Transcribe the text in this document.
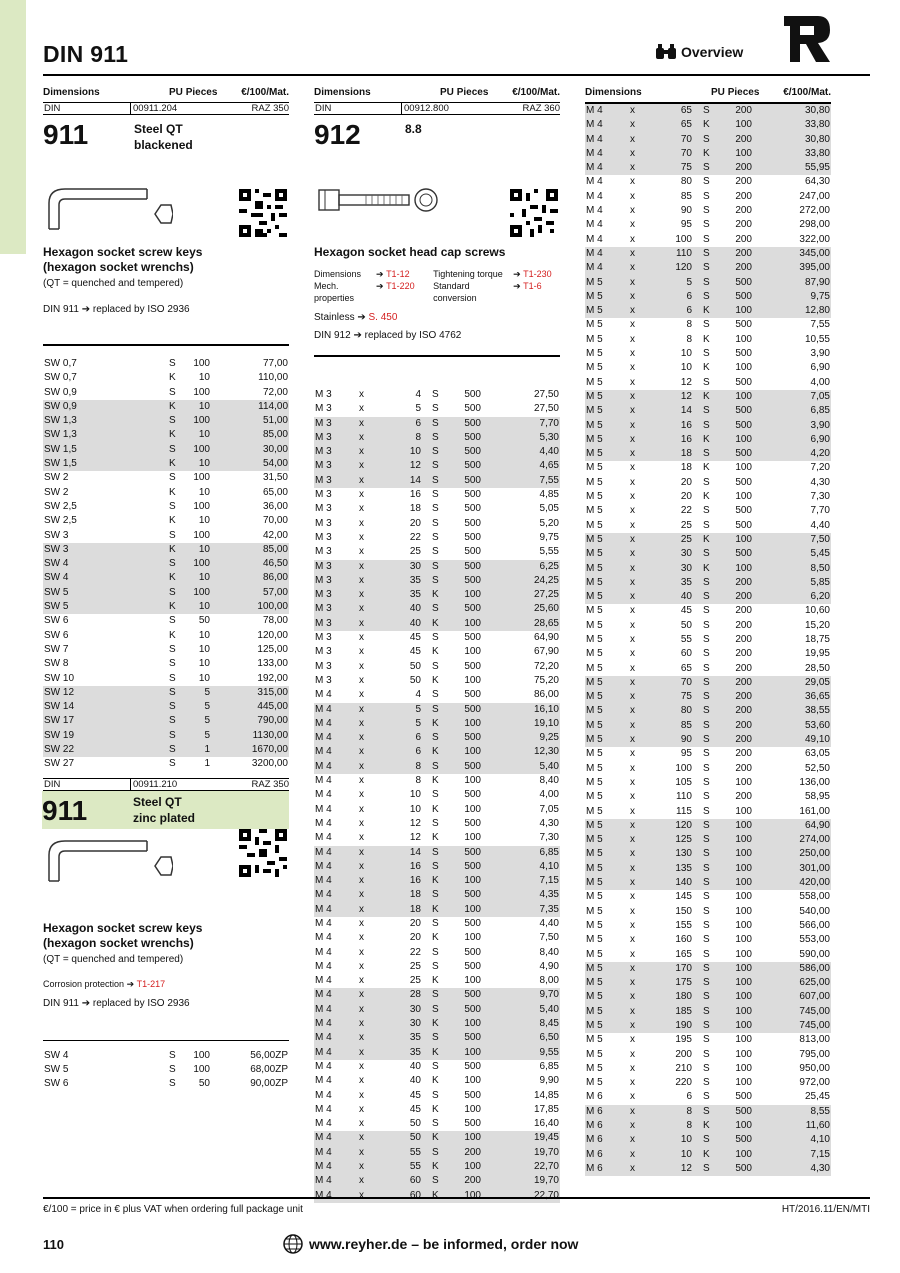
DIN 911	Overview
Dimensions	PU Pieces	€/100/Mat.
DIN	00911.204	RAZ 350
911	Steel QT
blackened
Hexagon socket screw keys
(hexagon socket wrenchs)
(QT = quenched and tempered)
DIN 911 ➔ replaced by ISO 2936
SW 0,7	S	100	77,00
SW 0,7	K	10	110,00
SW 0,9	S	100	72,00
SW 0,9	K	10	114,00
SW 1,3	S	100	51,00
SW 1,3	K	10	85,00
SW 1,5	S	100	30,00
SW 1,5	K	10	54,00
SW 2	S	100	31,50
SW 2	K	10	65,00
SW 2,5	S	100	36,00
SW 2,5	K	10	70,00
SW 3	S	100	42,00
SW 3	K	10	85,00
SW 4	S	100	46,50
SW 4	K	10	86,00
SW 5	S	100	57,00
SW 5	K	10	100,00
SW 6	S	50	78,00
SW 6	K	10	120,00
SW 7	S	10	125,00
SW 8	S	10	133,00
SW 10	S	10	192,00
SW 12	S	5	315,00
SW 14	S	5	445,00
SW 17	S	5	790,00
SW 19	S	5	1130,00
SW 22	S	1	1670,00
SW 27	S	1	3200,00
DIN	00911.210	RAZ 350
911	Steel QT
zinc plated
Hexagon socket screw keys
(hexagon socket wrenchs)
(QT = quenched and tempered)
Corrosion protection
➔
T1-217
DIN 911 ➔ replaced by ISO 2936
SW 4	S	100	56,00ZP
SW 5	S	100	68,00ZP
SW 6	S	50	90,00ZP
Dimensions	PU Pieces	€/100/Mat.
DIN	00912.800	RAZ 360
912	8.8
Hexagon socket head cap screws
Dimensions	➔
T1-12	Tightening torque	➔
T1-230
Mech. properties
➔
T1-220	Standard conversion
➔
T1-6
Stainless ➔ S. 450
DIN 912 ➔ replaced by ISO 4762
M 3	x	4	S	500	27,50
M 3	x	5	S	500	27,50
M 3	x	6	S	500	7,70
M 3	x	8	S	500	5,30
M 3	x	10	S	500	4,40
M 3	x	12	S	500	4,65
M 3	x	14	S	500	7,55
M 3	x	16	S	500	4,85
M 3	x	18	S	500	5,05
M 3	x	20	S	500	5,20
M 3	x	22	S	500	9,75
M 3	x	25	S	500	5,55
M 3	x	30	S	500	6,25
M 3	x	35	S	500	24,25
M 3	x	35	K	100	27,25
M 3	x	40	S	500	25,60
M 3	x	40	K	100	28,65
M 3	x	45	S	500	64,90
M 3	x	45	K	100	67,90
M 3	x	50	S	500	72,20
M 3	x	50	K	100	75,20
M 4	x	4	S	500	86,00
M 4	x	5	S	500	16,10
M 4	x	5	K	100	19,10
M 4	x	6	S	500	9,25
M 4	x	6	K	100	12,30
M 4	x	8	S	500	5,40
M 4	x	8	K	100	8,40
M 4	x	10	S	500	4,00
M 4	x	10	K	100	7,05
M 4	x	12	S	500	4,30
M 4	x	12	K	100	7,30
M 4	x	14	S	500	6,85
M 4	x	16	S	500	4,10
M 4	x	16	K	100	7,15
M 4	x	18	S	500	4,35
M 4	x	18	K	100	7,35
M 4	x	20	S	500	4,40
M 4	x	20	K	100	7,50
M 4	x	22	S	500	8,40
M 4	x	25	S	500	4,90
M 4	x	25	K	100	8,00
M 4	x	28	S	500	9,70
M 4	x	30	S	500	5,40
M 4	x	30	K	100	8,45
M 4	x	35	S	500	6,50
M 4	x	35	K	100	9,55
M 4	x	40	S	500	6,85
M 4	x	40	K	100	9,90
M 4	x	45	S	500	14,85
M 4	x	45	K	100	17,85
M 4	x	50	S	500	16,40
M 4	x	50	K	100	19,45
M 4	x	55	S	200	19,70
M 4	x	55	K	100	22,70
M 4	x	60	S	200	19,70
M 4	x	60	K	100	22,70
Dimensions	PU Pieces	€/100/Mat.
M 4	x	65	S	200	30,80
M 4	x	65	K	100	33,80
M 4	x	70	S	200	30,80
M 4	x	70	K	100	33,80
M 4	x	75	S	200	55,95
M 4	x	80	S	200	64,30
M 4	x	85	S	200	247,00
M 4	x	90	S	200	272,00
M 4	x	95	S	200	298,00
M 4	x	100	S	200	322,00
M 4	x	110	S	200	345,00
M 4	x	120	S	200	395,00
M 5	x	5	S	500	87,90
M 5	x	6	S	500	9,75
M 5	x	6	K	100	12,80
M 5	x	8	S	500	7,55
M 5	x	8	K	100	10,55
M 5	x	10	S	500	3,90
M 5	x	10	K	100	6,90
M 5	x	12	S	500	4,00
M 5	x	12	K	100	7,05
M 5	x	14	S	500	6,85
M 5	x	16	S	500	3,90
M 5	x	16	K	100	6,90
M 5	x	18	S	500	4,20
M 5	x	18	K	100	7,20
M 5	x	20	S	500	4,30
M 5	x	20	K	100	7,30
M 5	x	22	S	500	7,70
M 5	x	25	S	500	4,40
M 5	x	25	K	100	7,50
M 5	x	30	S	500	5,45
M 5	x	30	K	100	8,50
M 5	x	35	S	200	5,85
M 5	x	40	S	200	6,20
M 5	x	45	S	200	10,60
M 5	x	50	S	200	15,20
M 5	x	55	S	200	18,75
M 5	x	60	S	200	19,95
M 5	x	65	S	200	28,50
M 5	x	70	S	200	29,05
M 5	x	75	S	200	36,65
M 5	x	80	S	200	38,55
M 5	x	85	S	200	53,60
M 5	x	90	S	200	49,10
M 5	x	95	S	200	63,05
M 5	x	100	S	200	52,50
M 5	x	105	S	100	136,00
M 5	x	110	S	200	58,95
M 5	x	115	S	100	161,00
M 5	x	120	S	100	64,90
M 5	x	125	S	100	274,00
M 5	x	130	S	100	250,00
M 5	x	135	S	100	301,00
M 5	x	140	S	100	420,00
M 5	x	145	S	100	558,00
M 5	x	150	S	100	540,00
M 5	x	155	S	100	566,00
M 5	x	160	S	100	553,00
M 5	x	165	S	100	590,00
M 5	x	170	S	100	586,00
M 5	x	175	S	100	625,00
M 5	x	180	S	100	607,00
M 5	x	185	S	100	745,00
M 5	x	190	S	100	745,00
M 5	x	195	S	100	813,00
M 5	x	200	S	100	795,00
M 5	x	210	S	100	950,00
M 5	x	220	S	100	972,00
M 6	x	6	S	500	25,45
M 6	x	8	S	500	8,55
M 6	x	8	K	100	11,60
M 6	x	10	S	500	4,10
M 6	x	10	K	100	7,15
M 6	x	12	S	500	4,30
€/100 = price in € plus VAT when ordering full package unit	HT/2016.11/EN/MTI
110	www.reyher.de – be informed, order now
